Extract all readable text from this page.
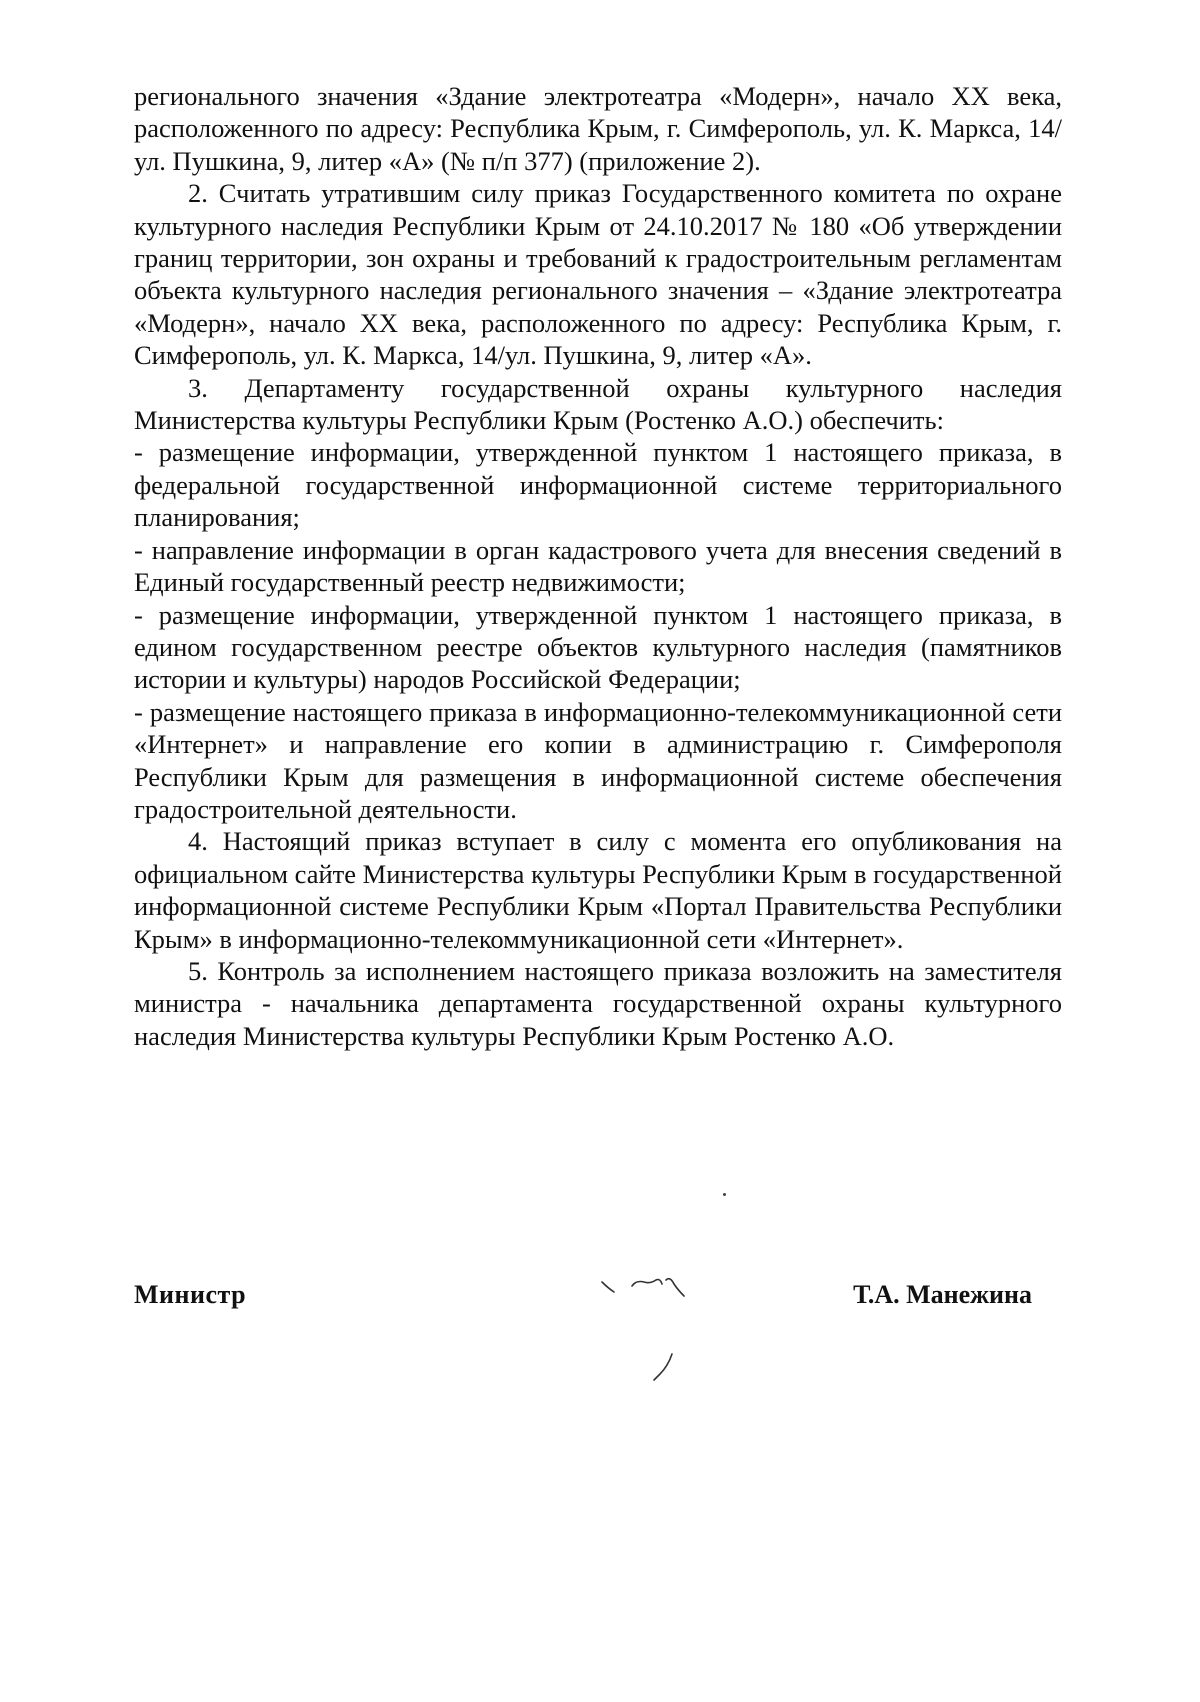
регионального значения «Здание электротеатра «Модерн», начало XX века, расположенного по адресу: Республика Крым, г. Симферополь, ул. К. Маркса, 14/ул. Пушкина, 9, литер «А» (№ п/п 377) (приложение 2).

2. Считать утратившим силу приказ Государственного комитета по охране культурного наследия Республики Крым от 24.10.2017 № 180 «Об утверждении границ территории, зон охраны и требований к градостроительным регламентам объекта культурного наследия регионального значения – «Здание электротеатра «Модерн», начало XX века, расположенного по адресу: Республика Крым, г. Симферополь, ул. К. Маркса, 14/ул. Пушкина, 9, литер «А».

3. Департаменту государственной охраны культурного наследия Министерства культуры Республики Крым (Ростенко А.О.) обеспечить:

- размещение информации, утвержденной пунктом 1 настоящего приказа, в федеральной государственной информационной системе территориального планирования;

- направление информации в орган кадастрового учета для внесения сведений в Единый государственный реестр недвижимости;

- размещение информации, утвержденной пунктом 1 настоящего приказа, в едином государственном реестре объектов культурного наследия (памятников истории и культуры) народов Российской Федерации;

- размещение настоящего приказа в информационно-телекоммуникационной сети «Интернет» и направление его копии в администрацию г. Симферополя Республики Крым для размещения в информационной системе обеспечения градостроительной деятельности.

4. Настоящий приказ вступает в силу с момента его опубликования на официальном сайте Министерства культуры Республики Крым в государственной информационной системе Республики Крым «Портал Правительства Республики Крым» в информационно-телекоммуникационной сети «Интернет».

5. Контроль за исполнением настоящего приказа возложить на заместителя министра - начальника департамента государственной охраны культурного наследия Министерства культуры Республики Крым Ростенко А.О.

Министр	Т.А. Манежина
